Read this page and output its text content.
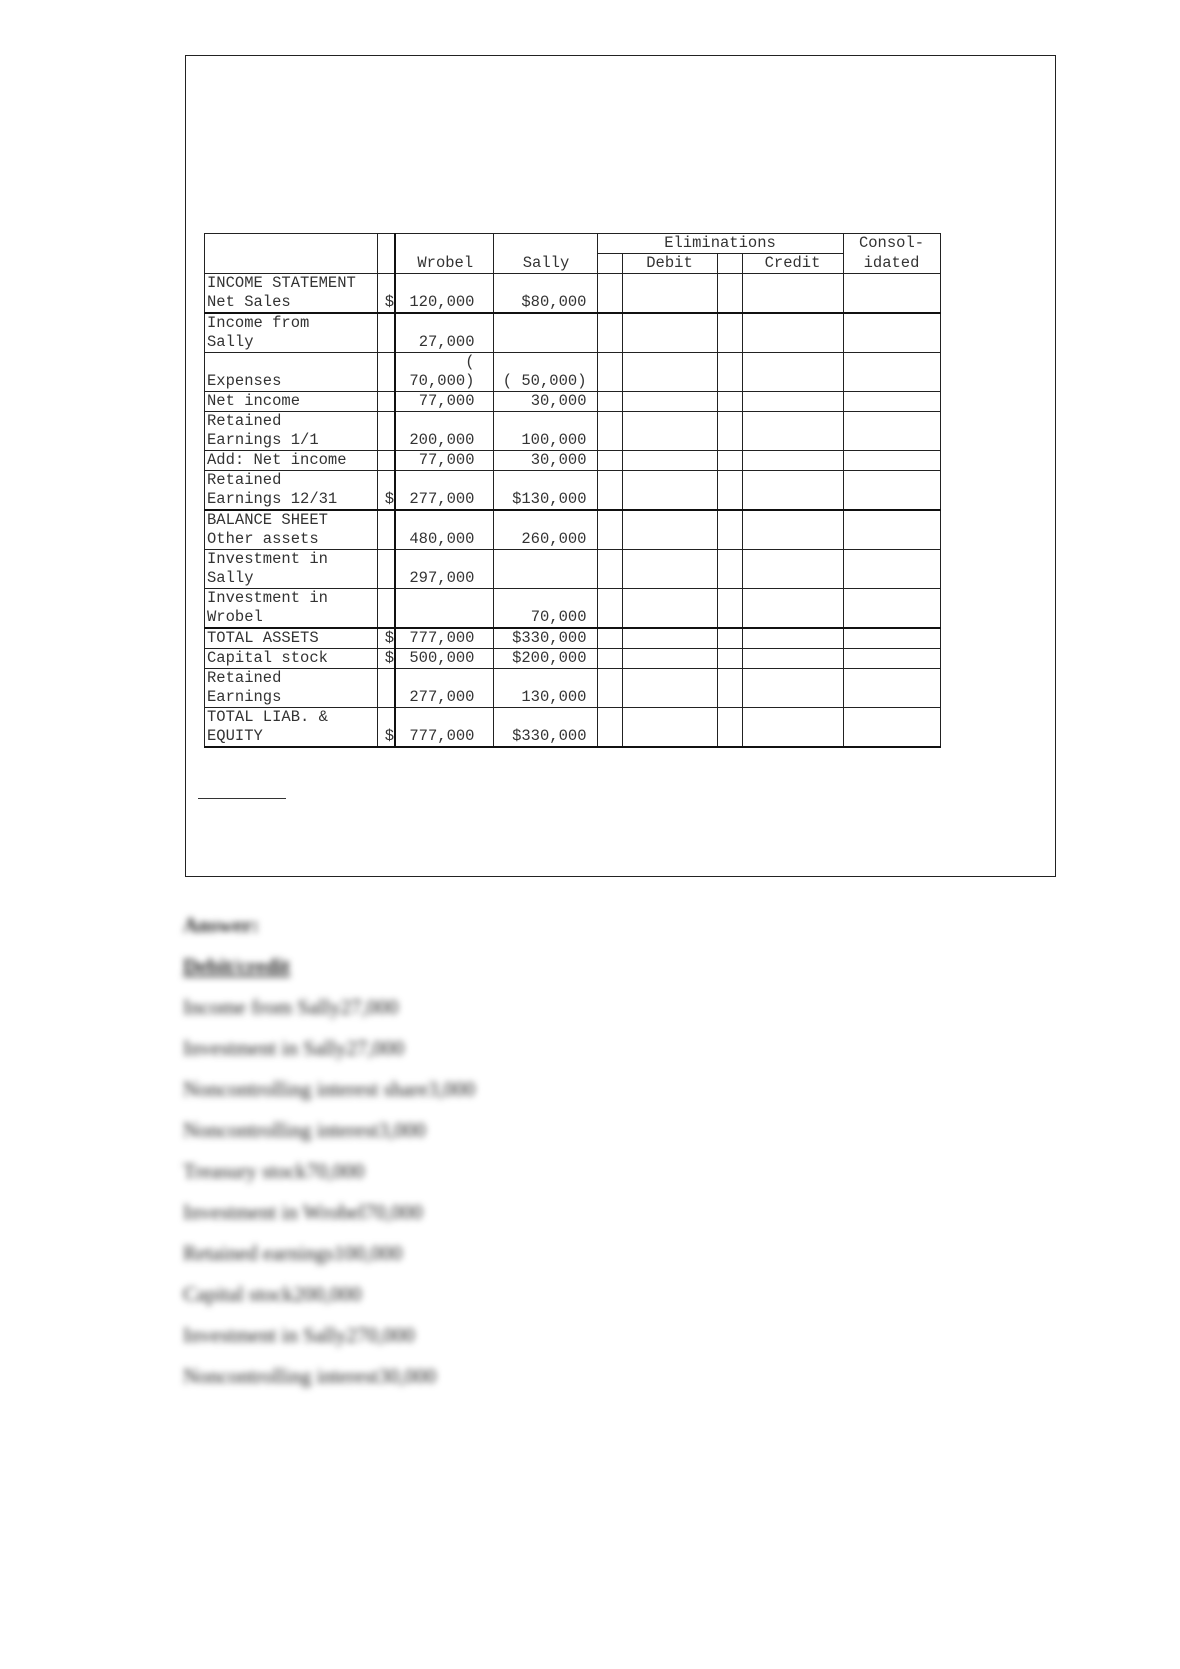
		Wrobel	Sally	Eliminations				Consol-
					Debit		Credit	idated

INCOME STATEMENT
Net Sales	$	120,000	$80,000					

Income from
Sally		27,000						

Expenses		( 70,000)	( 50,000)					

Net income		77,000	30,000					

Retained
Earnings 1/1		200,000	100,000					

Add: Net income		77,000	30,000					

Retained
Earnings 12/31	$	277,000	$130,000					

BALANCE SHEET
Other assets		480,000	260,000					

Investment in
Sally		297,000						

Investment in
Wrobel			70,000					

TOTAL ASSETS	$	777,000	$330,000					

Capital stock	$	500,000	$200,000					

Retained
Earnings		277,000	130,000					

TOTAL LIAB. &
EQUITY	$	777,000	$330,000					
Answer:
Debit/credit
Income from Sally27,000
Investment in Sally27,000
Noncontrolling interest share3,000
Noncontrolling interest3,000
Treasury stock70,000
Investment in Wrobel70,000
Retained earnings100,000
Capital stock200,000
Investment in Sally270,000
Noncontrolling interest30,000
